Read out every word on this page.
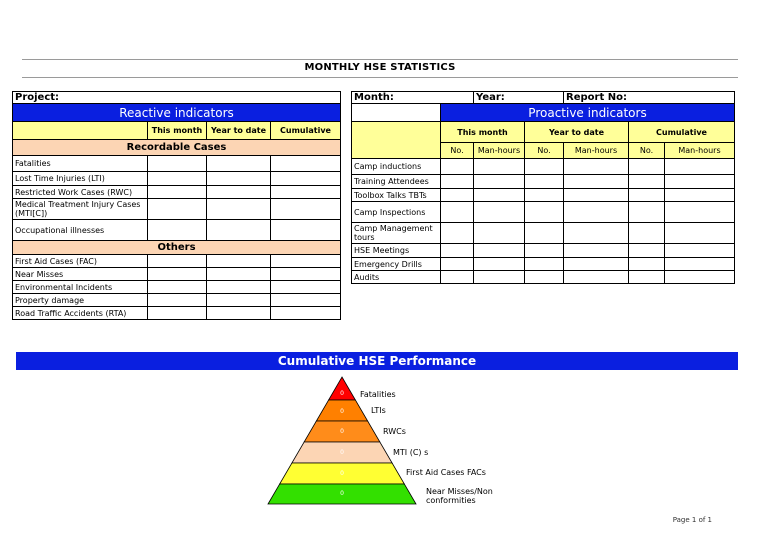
MONTHLY HSE STATISTICS
Project:			
Reactive indicators			
	This month	Year to date	Cumulative
Recordable Cases			
Fatalities			
Lost Time Injuries (LTI)			
Restricted Work Cases (RWC)			
Medical Treatment Injury Cases (MTI[C])			
Occupational illnesses			
Others			
First Aid Cases (FAC)			
Near Misses			
Environmental Incidents			
Property damage			
Road Traffic Accidents (RTA)			
Month:		Year:		Report No:		
	Proactive indicators					
	This month		Year to date		Cumulative	
	No.	Man-hours	No.	Man-hours	No.	Man-hours
Camp inductions						
Training Attendees						
Toolbox Talks TBTs						
Camp Inspections						
Camp Management tours						
HSE Meetings						
Emergency Drills						
Audits						
Cumulative HSE Performance
0
0
0
0
0
0
Fatalities
LTIs
RWCs
MTI (C) s
First Aid Cases FACs
Near Misses/Non conformities
Page 1 of 1
